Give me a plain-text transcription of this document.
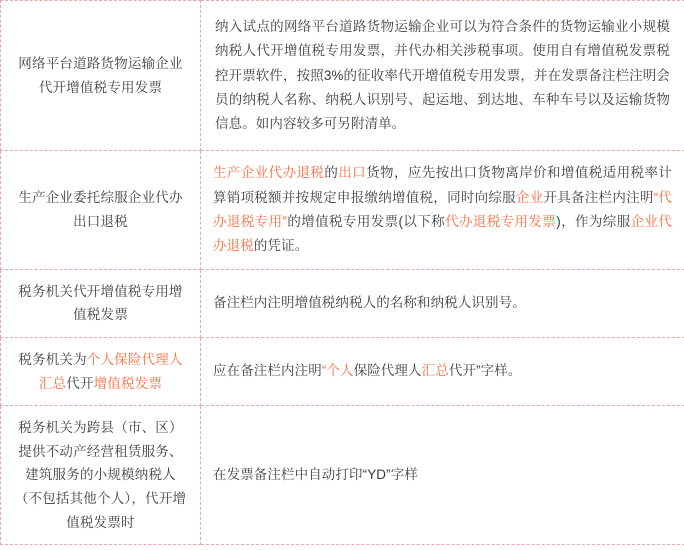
网络平台道路货物运输企业代开增值税专用发票	纳入试点的网络平台道路货物运输企业可以为符合条件的货物运输业小规模纳税人代开增值税专用发票，并代办相关涉税事项。使用自有增值税发票税控开票软件，按照3%的征收率代开增值税专用发票，并在发票备注栏注明会员的纳税人名称、纳税人识别号、起运地、到达地、车种车号以及运输货物信息。如内容较多可另附清单。
生产企业委托综服企业代办出口退税	生产企业代办退税的出口货物，应先按出口货物离岸价和增值税适用税率计算销项税额并按规定申报缴纳增值税，同时向综服企业开具备注栏内注明“代办退税专用”的增值税专用发票(以下称代办退税专用发票)，作为综服企业代办退税的凭证。
税务机关代开增值税专用增值税发票	备注栏内注明增值税纳税人的名称和纳税人识别号。
税务机关为个人保险代理人汇总代开增值税发票	应在备注栏内注明“个人保险代理人汇总代开”字样。
税务机关为跨县（市、区）提供不动产经营租赁服务、建筑服务的小规模纳税人（不包括其他个人），代开增值税发票时	在发票备注栏中自动打印“YD”字样
